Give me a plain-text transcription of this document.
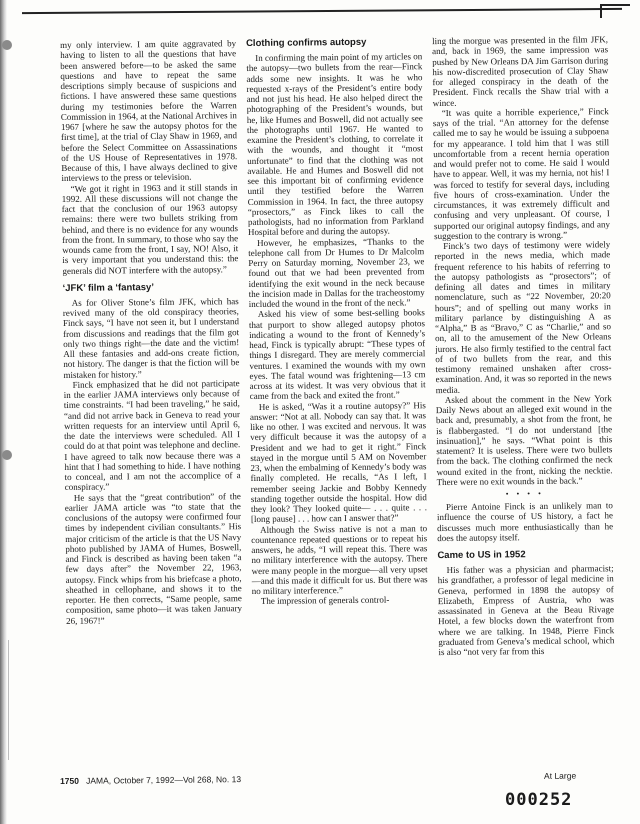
my only interview. I am quite aggravated by having to listen to all the questions that have been answered before—to be asked the same questions and have to repeat the same descriptions simply because of suspicions and fictions. I have answered these same questions during my testimonies before the Warren Commission in 1964, at the National Archives in 1967 [where he saw the autopsy photos for the first time], at the trial of Clay Shaw in 1969, and before the Select Committee on Assassinations of the US House of Representatives in 1978. Because of this, I have always declined to give interviews to the press or television.

“We got it right in 1963 and it still stands in 1992. All these discussions will not change the fact that the conclusion of our 1963 autopsy remains: there were two bullets striking from behind, and there is no evidence for any wounds from the front. In summary, to those who say the wounds came from the front, I say, NO! Also, it is very important that you understand this: the generals did NOT interfere with the autopsy.”

‘JFK’ film a ‘fantasy’

As for Oliver Stone’s film JFK, which has revived many of the old conspiracy theories, Finck says, “I have not seen it, but I understand from discussions and readings that the film got only two things right—the date and the victim! All these fantasies and add-ons create fiction, not history. The danger is that the fiction will be mistaken for history.”

Finck emphasized that he did not participate in the earlier JAMA interviews only because of time constraints. “I had been traveling,” he said, “and did not arrive back in Geneva to read your written requests for an interview until April 6, the date the interviews were scheduled. All I could do at that point was telephone and decline. I have agreed to talk now because there was a hint that I had something to hide. I have nothing to conceal, and I am not the accomplice of a conspiracy.”

He says that the “great contribution” of the earlier JAMA article was “to state that the conclusions of the autopsy were confirmed four times by independent civilian consultants.” His major criticism of the article is that the US Navy photo published by JAMA of Humes, Boswell, and Finck is described as having been taken “a few days after” the November 22, 1963, autopsy. Finck whips from his briefcase a photo, sheathed in cellophane, and shows it to the reporter. He then corrects, “Same people, same composition, same photo—it was taken January 26, 1967!”

Clothing confirms autopsy

In confirming the main point of my articles on the autopsy—two bullets from the rear—Finck adds some new insights. It was he who requested x-rays of the President’s entire body and not just his head. He also helped direct the photographing of the President’s wounds, but he, like Humes and Boswell, did not actually see the photographs until 1967. He wanted to examine the President’s clothing, to correlate it with the wounds, and thought it “most unfortunate” to find that the clothing was not available. He and Humes and Boswell did not see this important bit of confirming evidence until they testified before the Warren Commission in 1964. In fact, the three autopsy “prosectors,” as Finck likes to call the pathologists, had no information from Parkland Hospital before and during the autopsy.

However, he emphasizes, “Thanks to the telephone call from Dr Humes to Dr Malcolm Perry on Saturday morning, November 23, we found out that we had been prevented from identifying the exit wound in the neck because the incision made in Dallas for the tracheostomy included the wound in the front of the neck.”

Asked his view of some best-selling books that purport to show alleged autopsy photos indicating a wound to the front of Kennedy’s head, Finck is typically abrupt: “These types of things I disregard. They are merely commercial ventures. I examined the wounds with my own eyes. The fatal wound was frightening—13 cm across at its widest. It was very obvious that it came from the back and exited the front.”

He is asked, “Was it a routine autopsy?” His answer: “Not at all. Nobody can say that. It was like no other. I was excited and nervous. It was very difficult because it was the autopsy of a President and we had to get it right.” Finck stayed in the morgue until 5 AM on November 23, when the embalming of Kennedy’s body was finally completed. He recalls, “As I left, I remember seeing Jackie and Bobby Kennedy standing together outside the hospital. How did they look? They looked quite— . . . quite . . . [long pause] . . . how can I answer that?”

Although the Swiss native is not a man to countenance repeated questions or to repeat his answers, he adds, “I will repeat this. There was no military interference with the autopsy. There were many people in the morgue—all very upset—and this made it difficult for us. But there was no military interference.”

The impression of generals control-

ling the morgue was presented in the film JFK, and, back in 1969, the same impression was pushed by New Orleans DA Jim Garrison during his now-discredited prosecution of Clay Shaw for alleged conspiracy in the death of the President. Finck recalls the Shaw trial with a wince.

“It was quite a horrible experience,” Finck says of the trial. “An attorney for the defense called me to say he would be issuing a subpoena for my appearance. I told him that I was still uncomfortable from a recent hernia operation and would prefer not to come. He said I would have to appear. Well, it was my hernia, not his! I was forced to testify for several days, including five hours of cross-examination. Under the circumstances, it was extremely difficult and confusing and very unpleasant. Of course, I supported our original autopsy findings, and any suggestion to the contrary is wrong.”

Finck’s two days of testimony were widely reported in the news media, which made frequent reference to his habits of referring to the autopsy pathologists as “prosectors”; of defining all dates and times in military nomenclature, such as “22 November, 20:20 hours”; and of spelling out many works in military parlance by distinguishing A as “Alpha,” B as “Bravo,” C as “Charlie,” and so on, all to the amusement of the New Orleans jurors. He also firmly testified to the central fact of of two bullets from the rear, and this testimony remained unshaken after cross-examination. And, it was so reported in the news media.

Asked about the comment in the New York Daily News about an alleged exit wound in the back and, presumably, a shot from the front, he is flabbergasted. “I do not understand [the insinuation],” he says. “What point is this statement? It is useless. There were two bullets from the back. The clothing confirmed the neck wound exited in the front, nicking the necktie. There were no exit wounds in the back.”

• • • •

Pierre Antoine Finck is an unlikely man to influence the course of US history, a fact he discusses much more enthusiastically than he does the autopsy itself.

Came to US in 1952

His father was a physician and pharmacist; his grandfather, a professor of legal medicine in Geneva, performed in 1898 the autopsy of Elizabeth, Empress of Austria, who was assassinated in Geneva at the Beau Rivage Hotel, a few blocks down the waterfront from where we are talking. In 1948, Pierre Finck graduated from Geneva’s medical school, which is also “not very far from this

1750 JAMA, October 7, 1992—Vol 268, No. 13	At Large
000252
